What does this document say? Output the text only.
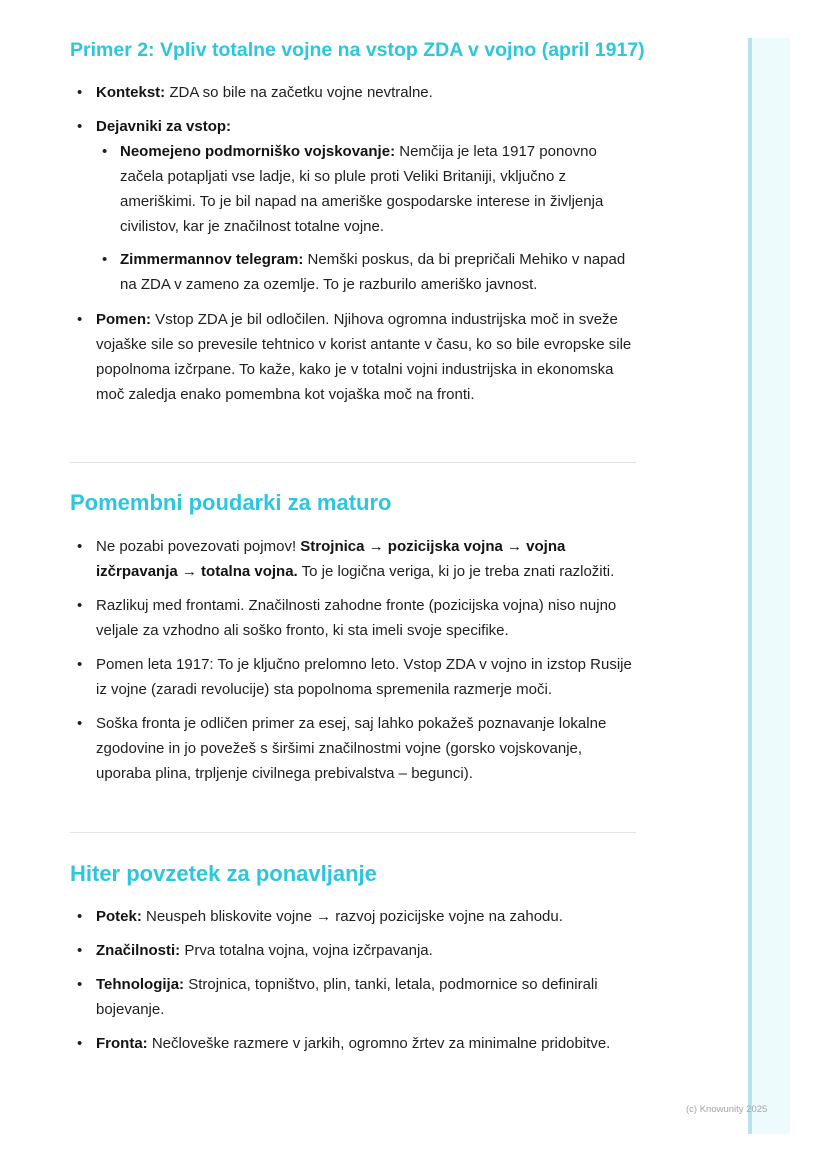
Primer 2: Vpliv totalne vojne na vstop ZDA v vojno (april 1917)
• Kontekst: ZDA so bile na začetku vojne nevtralne.
• Dejavniki za vstop:
• Neomejeno podmorniško vojskovanje: Nemčija je leta 1917 ponovno začela potapljati vse ladje, ki so plule proti Veliki Britaniji, vključno z ameriškimi. To je bil napad na ameriške gospodarske interese in življenja civilistov, kar je značilnost totalne vojne.
• Zimmermannov telegram: Nemški poskus, da bi prepričali Mehiko v napad na ZDA v zameno za ozemlje. To je razburilo ameriško javnost.
• Pomen: Vstop ZDA je bil odločilen. Njihova ogromna industrijska moč in sveže vojaške sile so prevesile tehtnico v korist antante v času, ko so bile evropske sile popolnoma izčrpane. To kaže, kako je v totalni vojni industrijska in ekonomska moč zaledja enako pomembna kot vojaška moč na fronti.
Pomembni poudarki za maturo
• Ne pozabi povezovati pojmov! Strojnica → pozicijska vojna → vojna izčrpavanja → totalna vojna. To je logična veriga, ki jo je treba znati razložiti.
• Razlikuj med frontami. Značilnosti zahodne fronte (pozicijska vojna) niso nujno veljale za vzhodno ali soško fronto, ki sta imeli svoje specifike.
• Pomen leta 1917: To je ključno prelomno leto. Vstop ZDA v vojno in izstop Rusije iz vojne (zaradi revolucije) sta popolnoma spremenila razmerje moči.
• Soška fronta je odličen primer za esej, saj lahko pokažeš poznavanje lokalne zgodovine in jo povežeš s širšimi značilnostmi vojne (gorsko vojskovanje, uporaba plina, trpljenje civilnega prebivalstva – begunci).
Hiter povzetek za ponavljanje
• Potek: Neuspeh bliskovite vojne → razvoj pozicijske vojne na zahodu.
• Značilnosti: Prva totalna vojna, vojna izčrpavanja.
• Tehnologija: Strojnica, topništvo, plin, tanki, letala, podmornice so definirali bojevanje.
• Fronta: Nečloveške razmere v jarkih, ogromno žrtev za minimalne pridobitve.
(c) Knowunity 2025
